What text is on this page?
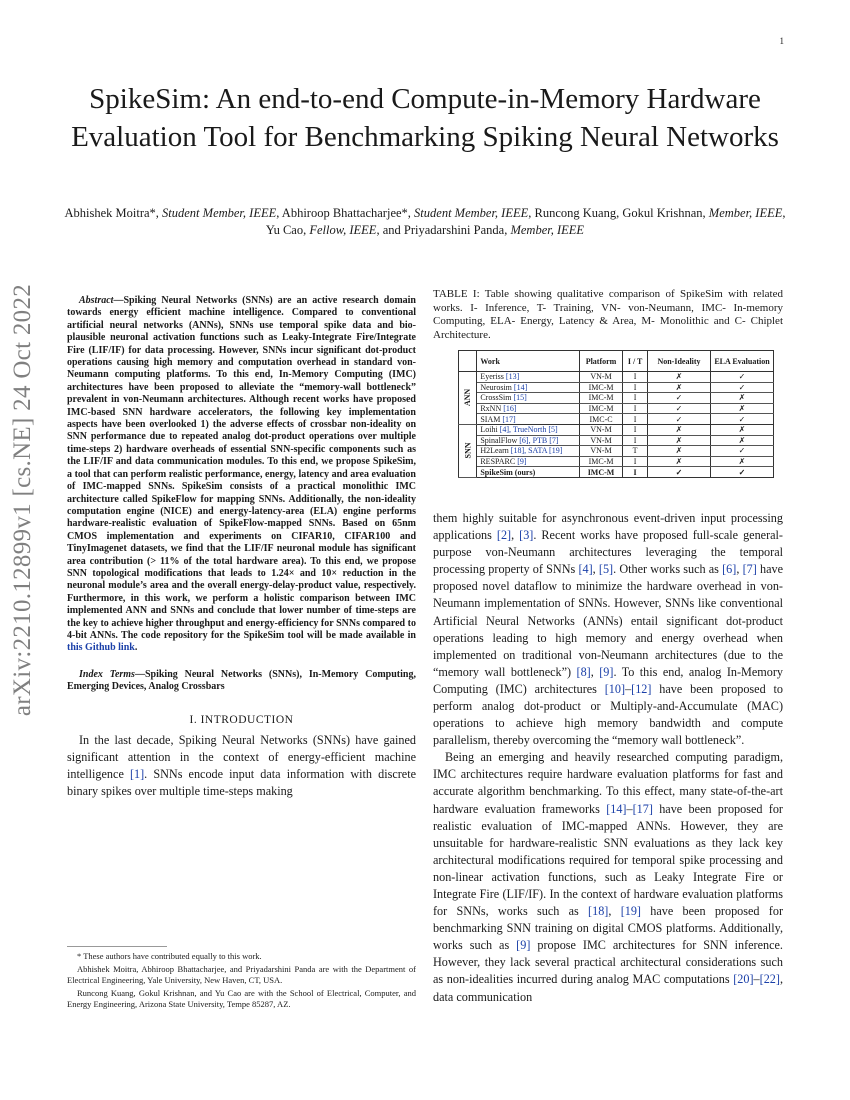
1
arXiv:2210.12899v1 [cs.NE] 24 Oct 2022
SpikeSim: An end-to-end Compute-in-Memory Hardware Evaluation Tool for Benchmarking Spiking Neural Networks
Abhishek Moitra*, Student Member, IEEE, Abhiroop Bhattacharjee*, Student Member, IEEE, Runcong Kuang, Gokul Krishnan, Member, IEEE, Yu Cao, Fellow, IEEE, and Priyadarshini Panda, Member, IEEE
Abstract—Spiking Neural Networks (SNNs) are an active research domain towards energy efficient machine intelligence. Compared to conventional artificial neural networks (ANNs), SNNs use temporal spike data and bio-plausible neuronal activation functions such as Leaky-Integrate Fire/Integrate Fire (LIF/IF) for data processing. However, SNNs incur significant dot-product operations causing high memory and computation overhead in standard von-Neumann computing platforms. To this end, In-Memory Computing (IMC) architectures have been proposed to alleviate the “memory-wall bottleneck” prevalent in von-Neumann architectures. Although recent works have proposed IMC-based SNN hardware accelerators, the following key implementation aspects have been overlooked 1) the adverse effects of crossbar non-ideality on SNN performance due to repeated analog dot-product operations over multiple time-steps 2) hardware overheads of essential SNN-specific components such as the LIF/IF and data communication modules. To this end, we propose SpikeSim, a tool that can perform realistic performance, energy, latency and area evaluation of IMC-mapped SNNs. SpikeSim consists of a practical monolithic IMC architecture called SpikeFlow for mapping SNNs. Additionally, the non-ideality computation engine (NICE) and energy-latency-area (ELA) engine performs hardware-realistic evaluation of SpikeFlow-mapped SNNs. Based on 65nm CMOS implementation and experiments on CIFAR10, CIFAR100 and TinyImagenet datasets, we find that the LIF/IF neuronal module has significant area contribution (> 11% of the total hardware area). To this end, we propose SNN topological modifications that leads to 1.24× and 10× reduction in the neuronal module’s area and the overall energy-delay-product value, respectively. Furthermore, in this work, we perform a holistic comparison between IMC implemented ANN and SNNs and conclude that lower number of time-steps are the key to achieve higher throughput and energy-efficiency for SNNs compared to 4-bit ANNs. The code repository for the SpikeSim tool will be made available in this Github link.
Index Terms—Spiking Neural Networks (SNNs), In-Memory Computing, Emerging Devices, Analog Crossbars
I. INTRODUCTION
In the last decade, Spiking Neural Networks (SNNs) have gained significant attention in the context of energy-efficient machine intelligence [1]. SNNs encode input data information with discrete binary spikes over multiple time-steps making

* These authors have contributed equally to this work.

Abhishek Moitra, Abhiroop Bhattacharjee, and Priyadarshini Panda are with the Department of Electrical Engineering, Yale University, New Haven, CT, USA.

Runcong Kuang, Gokul Krishnan, and Yu Cao are with the School of Electrical, Computer, and Energy Engineering, Arizona State University, Tempe 85287, AZ.

TABLE I: Table showing qualitative comparison of SpikeSim with related works. I- Inference, T- Training, VN- von-Neumann, IMC- In-memory Computing, ELA- Energy, Latency & Area, M- Monolithic and C- Chiplet Architecture.
	Work	Platform	I / T	Non-Ideality	ELA Evaluation
ANN	Eyeriss [13]	VN-M	I	✗	✓
	Neurosim [14]	IMC-M	I	✗	✓
	CrossSim [15]	IMC-M	I	✓	✗
	RxNN [16]	IMC-M	I	✓	✗
	SIAM [17]	IMC-C	I	✓	✓
SNN	Loihi [4], TrueNorth [5]	VN-M	I	✗	✗
	SpinalFlow [6], PTB [7]	VN-M	I	✗	✗
	H2Learn [18], SATA [19]	VN-M	T	✗	✓
	RESPARC [9]	IMC-M	I	✗	✗
	SpikeSim (ours)	IMC-M	I	✓	✓

them highly suitable for asynchronous event-driven input processing applications [2], [3]. Recent works have proposed full-scale general-purpose von-Neumann architectures leveraging the temporal processing property of SNNs [4], [5]. Other works such as [6], [7] have proposed novel dataflow to minimize the hardware overhead in von-Neumann implementation of SNNs. However, SNNs like conventional Artificial Neural Networks (ANNs) entail significant dot-product operations leading to high memory and energy overhead when implemented on traditional von-Neumann architectures (due to the “memory wall bottleneck”) [8], [9]. To this end, analog In-Memory Computing (IMC) architectures [10]–[12] have been proposed to perform analog dot-product or Multiply-and-Accumulate (MAC) operations to achieve high memory bandwidth and compute parallelism, thereby overcoming the “memory wall bottleneck”.

Being an emerging and heavily researched computing paradigm, IMC architectures require hardware evaluation platforms for fast and accurate algorithm benchmarking. To this effect, many state-of-the-art hardware evaluation frameworks [14]–[17] have been proposed for realistic evaluation of IMC-mapped ANNs. However, they are unsuitable for hardware-realistic SNN evaluations as they lack key architectural modifications required for temporal spike processing and non-linear activation functions, such as Leaky Integrate Fire or Integrate Fire (LIF/IF). In the context of hardware evaluation platforms for SNNs, works such as [18], [19] have been proposed for benchmarking SNN training on digital CMOS platforms. Additionally, works such as [9] propose IMC architectures for SNN inference. However, they lack several practical architectural considerations such as non-idealities incurred during analog MAC computations [20]–[22], data communication
